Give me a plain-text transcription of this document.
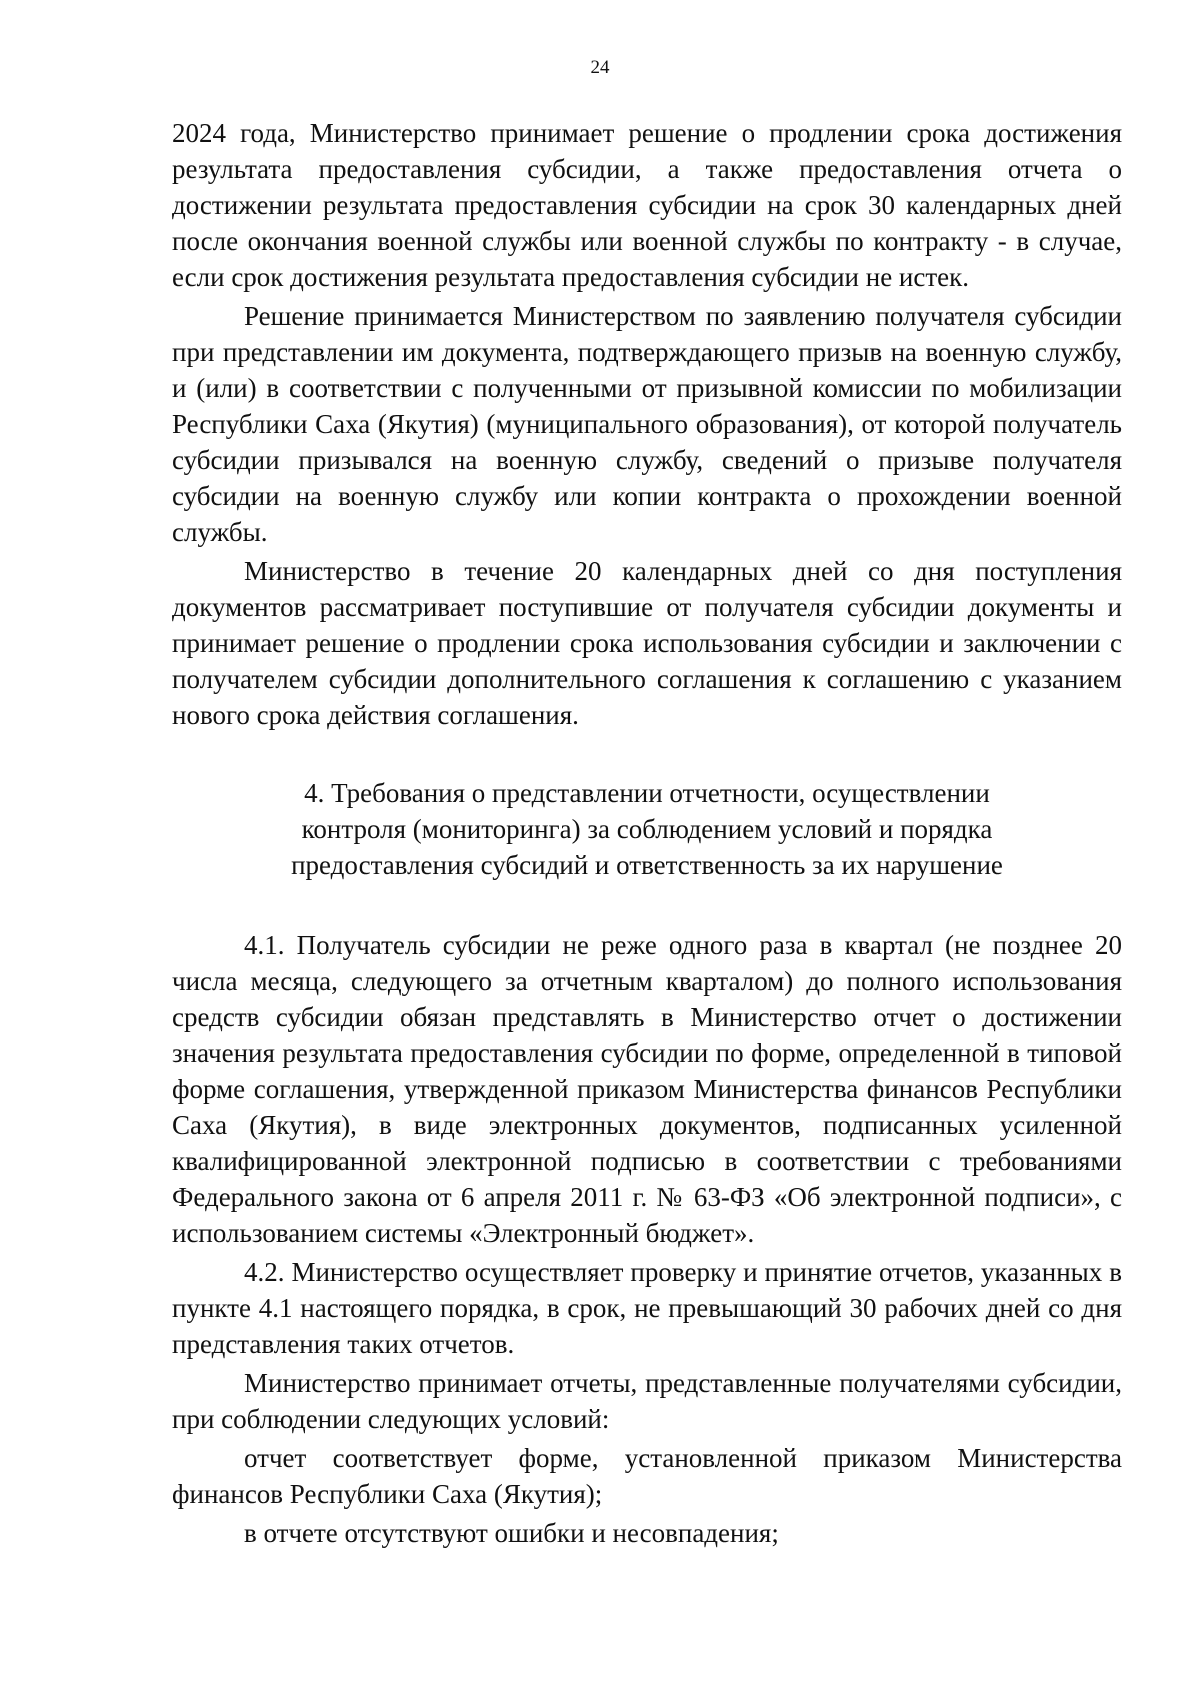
24

2024 года, Министерство принимает решение о продлении срока достижения результата предоставления субсидии, а также предоставления отчета о достижении результата предоставления субсидии на срок 30 календарных дней после окончания военной службы или военной службы по контракту - в случае, если срок достижения результата предоставления субсидии не истек.

Решение принимается Министерством по заявлению получателя субсидии при представлении им документа, подтверждающего призыв на военную службу, и (или) в соответствии с полученными от призывной комиссии по мобилизации Республики Саха (Якутия) (муниципального образования), от которой получатель субсидии призывался на военную службу, сведений о призыве получателя субсидии на военную службу или копии контракта о прохождении военной службы.

Министерство в течение 20 календарных дней со дня поступления документов рассматривает поступившие от получателя субсидии документы и принимает решение о продлении срока использования субсидии и заключении с получателем субсидии дополнительного соглашения к соглашению с указанием нового срока действия соглашения.

4. Требования о представлении отчетности, осуществлении
контроля (мониторинга) за соблюдением условий и порядка
предоставления субсидий и ответственность за их нарушение

4.1. Получатель субсидии не реже одного раза в квартал (не позднее 20 числа месяца, следующего за отчетным кварталом) до полного использования средств субсидии обязан представлять в Министерство отчет о достижении значения результата предоставления субсидии по форме, определенной в типовой форме соглашения, утвержденной приказом Министерства финансов Республики Саха (Якутия), в виде электронных документов, подписанных усиленной квалифицированной электронной подписью в соответствии с требованиями Федерального закона от 6 апреля 2011 г. № 63-ФЗ «Об электронной подписи», с использованием системы «Электронный бюджет».

4.2. Министерство осуществляет проверку и принятие отчетов, указанных в пункте 4.1 настоящего порядка, в срок, не превышающий 30 рабочих дней со дня представления таких отчетов.

Министерство принимает отчеты, представленные получателями субсидии, при соблюдении следующих условий:

отчет соответствует форме, установленной приказом Министерства финансов Республики Саха (Якутия);

в отчете отсутствуют ошибки и несовпадения;
